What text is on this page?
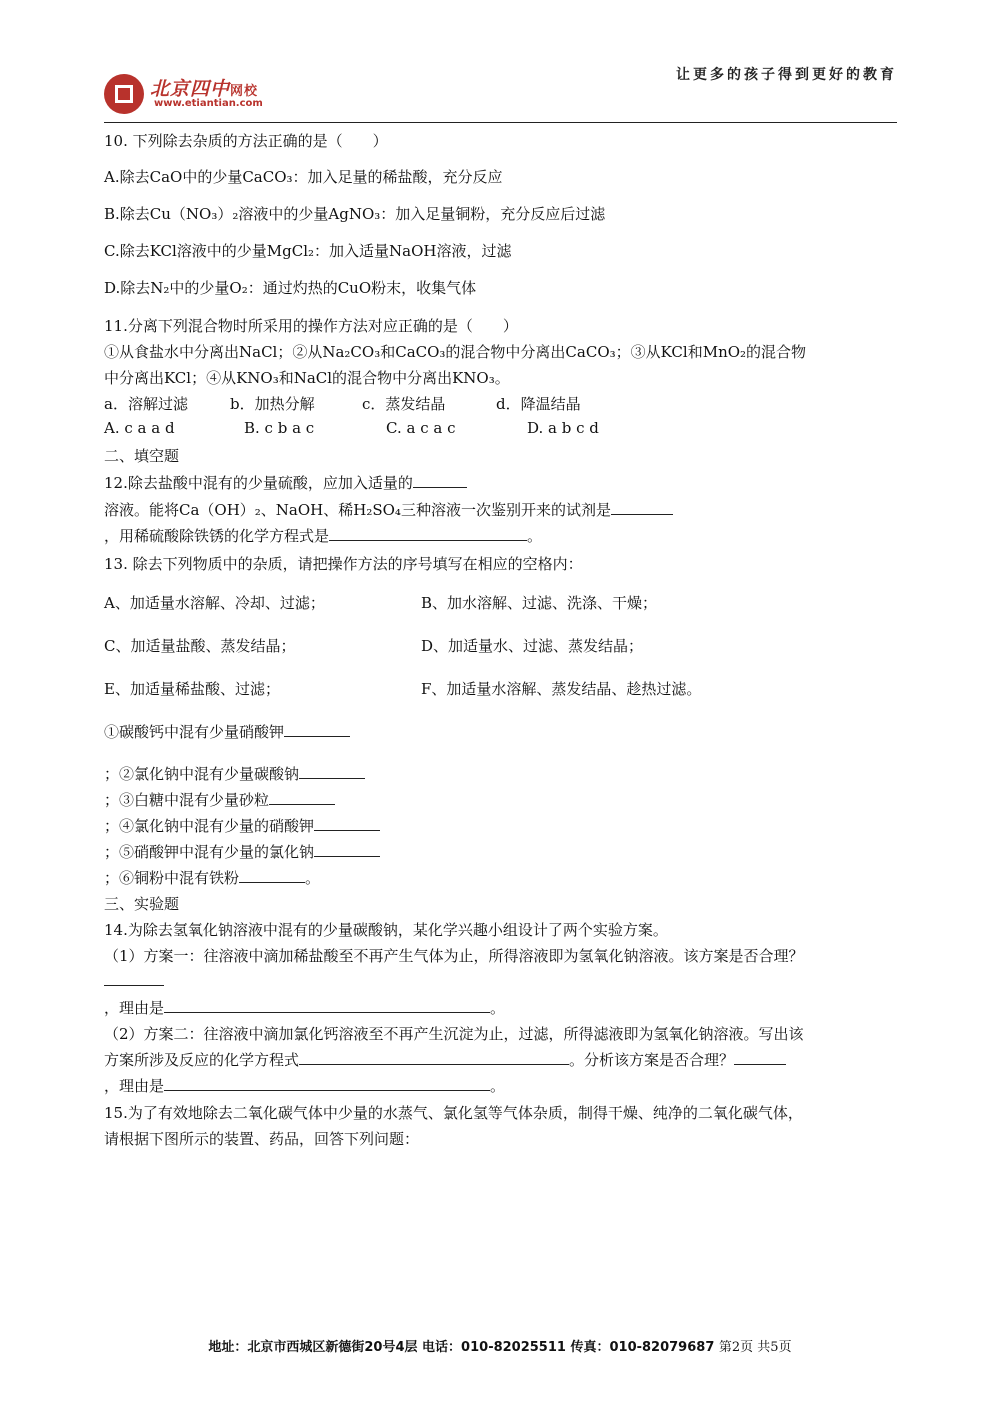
北京四中网校
www.etiantian.com
让更多的孩子得到更好的教育
10. 下列除去杂质的方法正确的是（　　）
A.除去CaO中的少量CaCO₃：加入足量的稀盐酸，充分反应
B.除去Cu（NO₃）₂溶液中的少量AgNO₃：加入足量铜粉，充分反应后过滤
C.除去KCl溶液中的少量MgCl₂：加入适量NaOH溶液，过滤
D.除去N₂中的少量O₂：通过灼热的CuO粉末，收集气体
11.分离下列混合物时所采用的操作方法对应正确的是（　　）
①从食盐水中分离出NaCl；②从Na₂CO₃和CaCO₃的混合物中分离出CaCO₃；③从KCl和MnO₂的混合物
中分离出KCl；④从KNO₃和NaCl的混合物中分离出KNO₃。
a．溶解过滤	b．加热分解	c．蒸发结晶	d．降温结晶
A. c a a d	B. c b a c	C. a c a c	D. a b c d
二、填空题
12.除去盐酸中混有的少量硫酸，应加入适量的
溶液。能将Ca（OH）₂、NaOH、稀H₂SO₄三种溶液一次鉴别开来的试剂是
，用稀硫酸除铁锈的化学方程式是	。
13. 除去下列物质中的杂质，请把操作方法的序号填写在相应的空格内：
A、加适量水溶解、冷却、过滤；	B、加水溶解、过滤、洗涤、干燥；
C、加适量盐酸、蒸发结晶；	D、加适量水、过滤、蒸发结晶；
E、加适量稀盐酸、过滤；	F、加适量水溶解、蒸发结晶、趁热过滤。
①碳酸钙中混有少量硝酸钾
；②氯化钠中混有少量碳酸钠
；③白糖中混有少量砂粒
；④氯化钠中混有少量的硝酸钾
；⑤硝酸钾中混有少量的氯化钠
；⑥铜粉中混有铁粉	。
三、实验题
14.为除去氢氧化钠溶液中混有的少量碳酸钠，某化学兴趣小组设计了两个实验方案。
（1）方案一：往溶液中滴加稀盐酸至不再产生气体为止，所得溶液即为氢氧化钠溶液。该方案是否合理？
，理由是	。
（2）方案二：往溶液中滴加氯化钙溶液至不再产生沉淀为止，过滤，所得滤液即为氢氧化钠溶液。写出该
方案所涉及反应的化学方程式	。分析该方案是否合理？
，理由是	。
15.为了有效地除去二氧化碳气体中少量的水蒸气、氯化氢等气体杂质，制得干燥、纯净的二氧化碳气体，
请根据下图所示的装置、药品，回答下列问题：
地址：北京市西城区新德街20号4层 电话：010-82025511 传真：010-82079687 第2页 共5页
